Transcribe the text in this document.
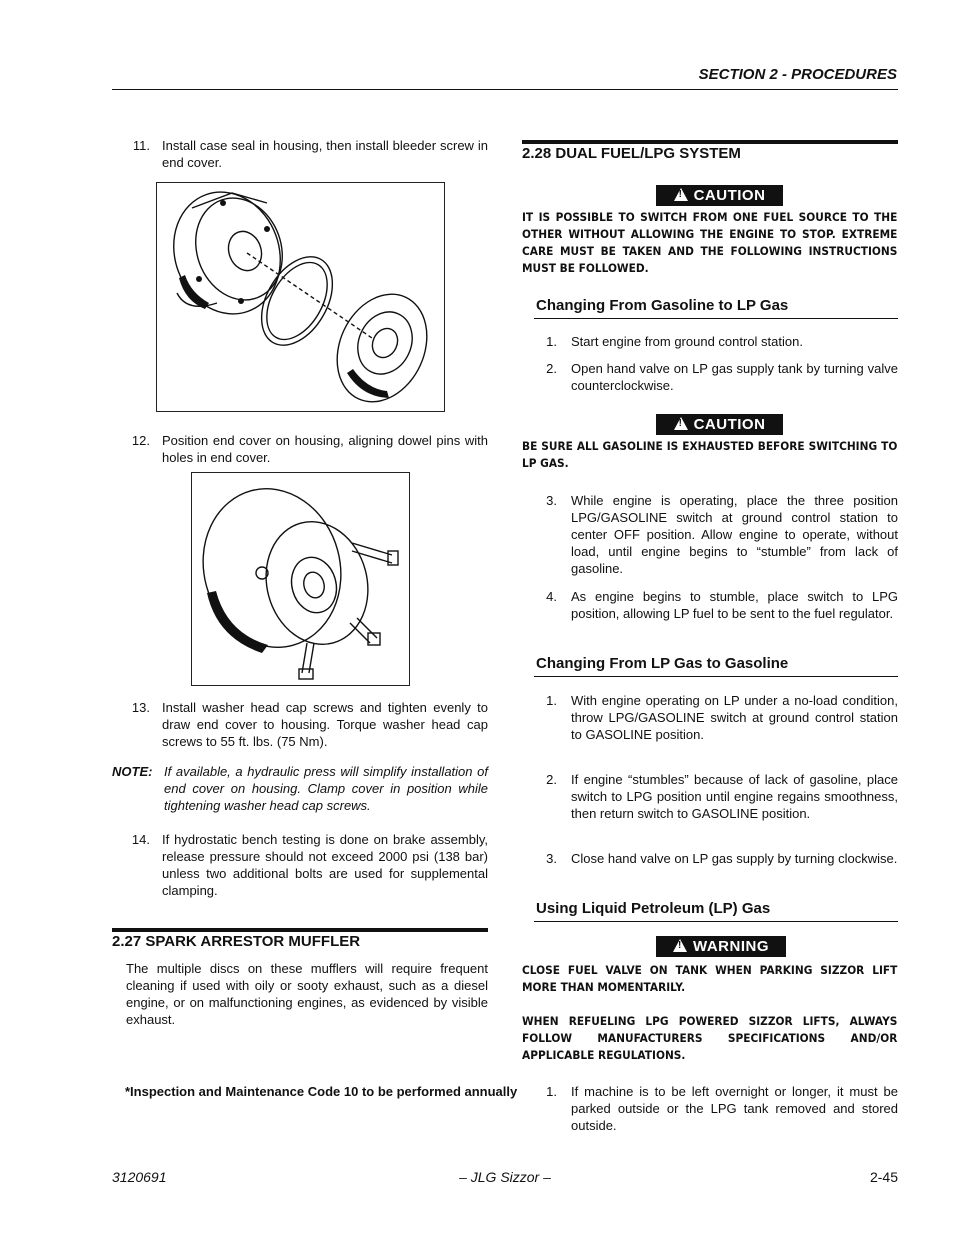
SECTION 2 - PROCEDURES
11. Install case seal in housing, then install bleeder screw in end cover.
12. Position end cover on housing, aligning dowel pins with holes in end cover.
13. Install washer head cap screws and tighten evenly to draw end cover to housing. Torque washer head cap screws to 55 ft. lbs. (75 Nm).
NOTE: If available, a hydraulic press will simplify installation of end cover on housing. Clamp cover in position while tightening washer head cap screws.
14. If hydrostatic bench testing is done on brake assembly, release pressure should not exceed 2000 psi (138 bar) unless two additional bolts are used for supplemental clamping.
2.27 SPARK ARRESTOR MUFFLER
The multiple discs on these mufflers will require frequent cleaning if used with oily or sooty exhaust, such as a diesel engine, or on malfunctioning engines, as evidenced by visible exhaust.
*Inspection and Maintenance Code 10 to be performed annually
2.28 DUAL FUEL/LPG SYSTEM
!CAUTION
IT IS POSSIBLE TO SWITCH FROM ONE FUEL SOURCE TO THE OTHER WITHOUT ALLOWING THE ENGINE TO STOP. EXTREME CARE MUST BE TAKEN AND THE FOLLOWING INSTRUCTIONS MUST BE FOLLOWED.
Changing From Gasoline to LP Gas
1. Start engine from ground control station.
2. Open hand valve on LP gas supply tank by turning valve counterclockwise.
!CAUTION
BE SURE ALL GASOLINE IS EXHAUSTED BEFORE SWITCHING TO LP GAS.
3. While engine is operating, place the three position LPG/GASOLINE switch at ground control station to center OFF position. Allow engine to operate, without load, until engine begins to “stumble” from lack of gasoline.
4. As engine begins to stumble, place switch to LPG position, allowing LP fuel to be sent to the fuel regulator.
Changing From LP Gas to Gasoline
1. With engine operating on LP under a no-load condition, throw LPG/GASOLINE switch at ground control station to GASOLINE position.
2. If engine “stumbles” because of lack of gasoline, place switch to LPG position until engine regains smoothness, then return switch to GASOLINE position.
3. Close hand valve on LP gas supply by turning clockwise.
Using Liquid Petroleum (LP) Gas
!WARNING
CLOSE FUEL VALVE ON TANK WHEN PARKING SIZZOR LIFT MORE THAN MOMENTARILY.
WHEN REFUELING LPG POWERED SIZZOR LIFTS, ALWAYS FOLLOW MANUFACTURERS SPECIFICATIONS AND/OR APPLICABLE REGULATIONS.
1. If machine is to be left overnight or longer, it must be parked outside or the LPG tank removed and stored outside.
3120691	– JLG Sizzor –	2-45
